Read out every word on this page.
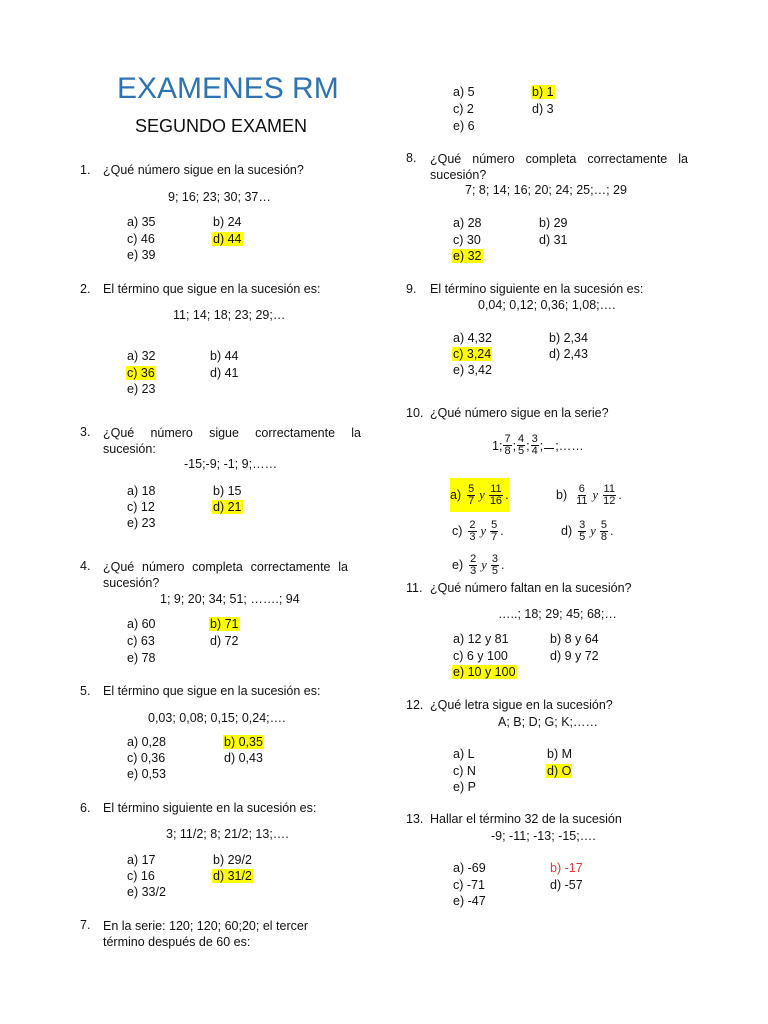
EXAMENES RM
SEGUNDO EXAMEN
1.	¿Qué número sigue en la sucesión?
9; 16; 23; 30; 37…
a) 35	b) 24
c) 46	d) 44
e) 39
2.	El término que sigue en la sucesión es:
11; 14; 18; 23; 29;…
a) 32	b) 44
c) 36	d) 41
e) 23
3.	¿Qué número sigue correctamente la sucesión:
-15;-9; -1; 9;……
a) 18	b) 15
c) 12	d) 21
e) 23
4.	¿Qué número completa correctamente la sucesión?
1; 9; 20; 34; 51; …….; 94
a) 60	b) 71
c) 63	d) 72
e) 78
5.	El término que sigue en la sucesión es:
0,03; 0,08; 0,15; 0,24;….
a) 0,28	b) 0,35
c) 0,36	d) 0,43
e) 0,53
6.	El término siguiente en la sucesión es:
3; 11/2; 8; 21/2; 13;….
a) 17	b) 29/2
c) 16	d) 31/2
e) 33/2
7.	En la serie: 120; 120; 60;20; el tercer término después de 60 es:
a) 5	b) 1
c) 2	d) 3
e) 6
8.	¿Qué número completa correctamente la sucesión?
7; 8; 14; 16; 20; 24; 25;…; 29
a) 28	b) 29
c) 30	d) 31
e) 32
9.	El término siguiente en la sucesión es:
0,04; 0,12; 0,36; 1,08;….
a) 4,32	b) 2,34
c) 3,24	d) 2,43
e) 3,42
10. ¿Qué número sigue en la serie?
1; $\frac{7}{8}$ ; $\frac{4}{5}$ ; $\frac{3}{4}$ ; ;……
$a) \frac{5}{7}$ y $\frac{11}{16}$ .	$b) \frac{6}{11}$ y $\frac{11}{12}$ .
$c) \frac{2}{3}$ y $\frac{5}{7}$ .	$d) \frac{3}{5}$ y $\frac{5}{8}$ .
$e) \frac{2}{3}$ y $\frac{3}{5}$ .
11. ¿Qué número faltan en la sucesión?
…..; 18; 29; 45; 68;…
a) 12 y 81	b) 8 y 64
c) 6 y 100	d) 9 y 72
e) 10 y 100
12. ¿Qué letra sigue en la sucesión?
A; B; D; G; K;……
a) L	b) M
c) N	d) O
e) P
13. Hallar el término 32 de la sucesión
-9; -11; -13; -15;….
a) -69	b) -17
c) -71	d) -57
e) -47
